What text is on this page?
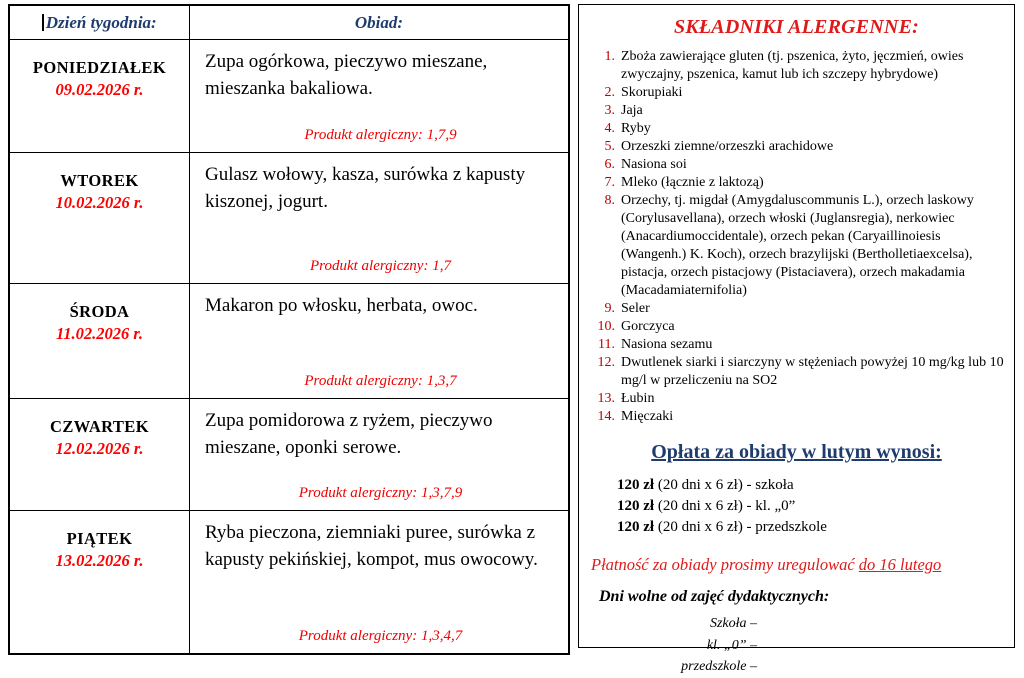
Dzień tygodnia:	Obiad:
PONIEDZIAŁEK
09.02.2026 r.
Zupa ogórkowa, pieczywo mieszane, mieszanka bakaliowa.
Produkt alergiczny: 1,7,9
WTOREK
10.02.2026 r.
Gulasz wołowy, kasza, surówka z kapusty kiszonej, jogurt.
Produkt alergiczny: 1,7
ŚRODA
11.02.2026 r.
Makaron po włosku, herbata, owoc.
Produkt alergiczny: 1,3,7
CZWARTEK
12.02.2026 r.
Zupa pomidorowa z ryżem, pieczywo mieszane, oponki serowe.
Produkt alergiczny: 1,3,7,9
PIĄTEK
13.02.2026 r.
Ryba pieczona, ziemniaki puree, surówka z kapusty pekińskiej, kompot, mus owocowy.
Produkt alergiczny: 1,3,4,7
SKŁADNIKI ALERGENNE:
1. Zboża zawierające gluten (tj. pszenica, żyto, jęczmień, owies zwyczajny, pszenica, kamut lub ich szczepy hybrydowe)
2. Skorupiaki
3. Jaja
4. Ryby
5. Orzeszki ziemne/orzeszki arachidowe
6. Nasiona soi
7. Mleko (łącznie z laktozą)
8. Orzechy, tj. migdał (Amygdaluscommunis L.), orzech laskowy (Corylusavellana), orzech włoski (Juglansregia), nerkowiec (Anacardiumoccidentale), orzech pekan (Caryaillinoiesis (Wangenh.) K. Koch), orzech brazylijski (Bertholletiaexcelsa), pistacja, orzech pistacjowy (Pistaciavera), orzech makadamia (Macadamiaternifolia)
9. Seler
10. Gorczyca
11. Nasiona sezamu
12. Dwutlenek siarki i siarczyny w stężeniach powyżej 10 mg/kg lub 10 mg/l w przeliczeniu na SO2
13. Łubin
14. Mięczaki
Opłata za obiady w lutym wynosi:
120 zł (20 dni x 6 zł) - szkoła
120 zł (20 dni x 6 zł) - kl. „0”
120 zł (20 dni x 6 zł) - przedszkole
Płatność za obiady prosimy uregulować do 16 lutego
Dni wolne od zajęć dydaktycznych:
Szkoła –
kl. „0” –
przedszkole –
